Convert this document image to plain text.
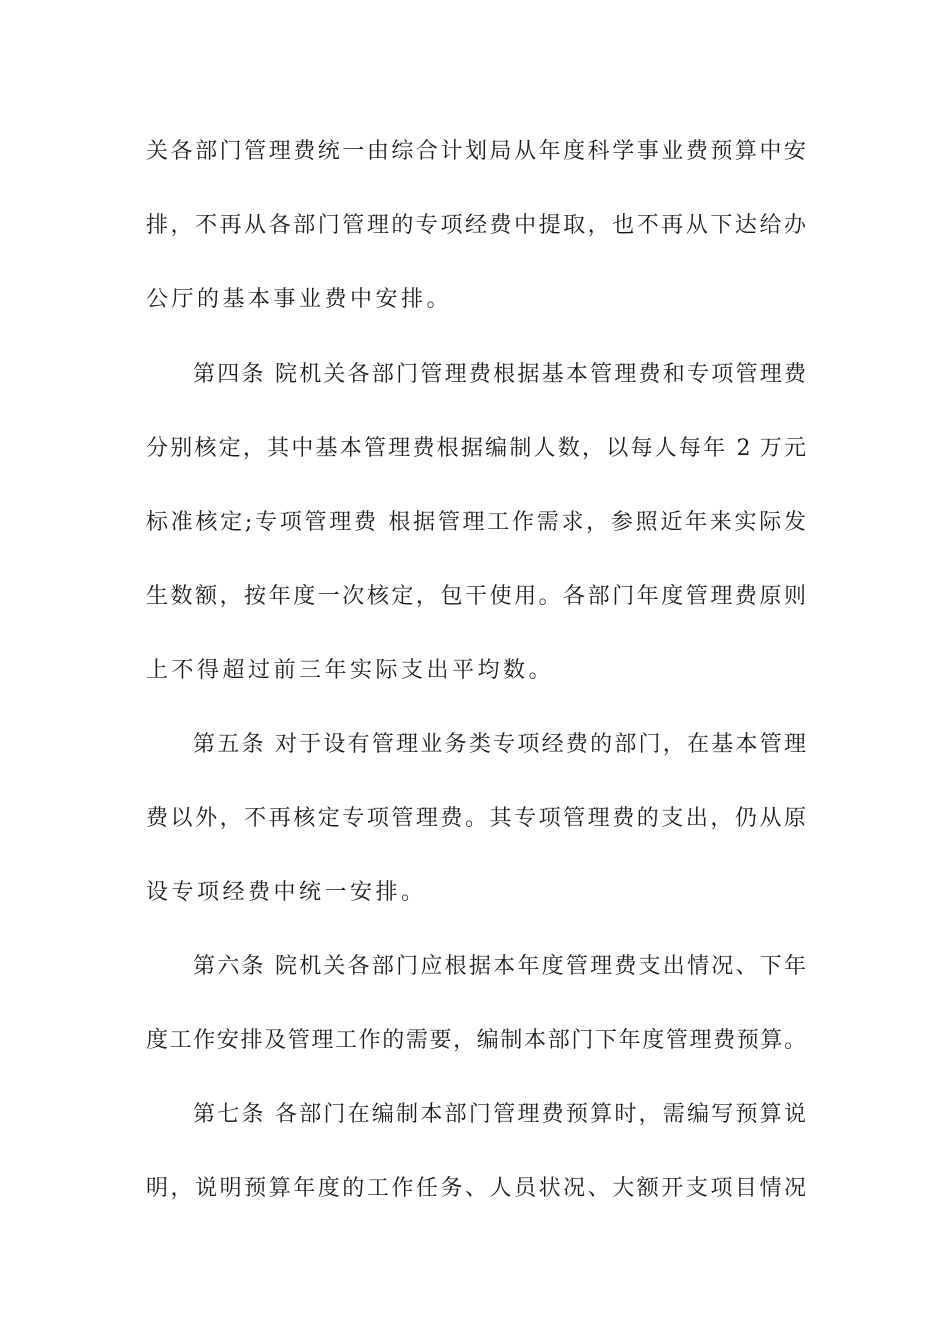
关各部门管理费统一由综合计划局从年度科学事业费预算中安
排，不再从各部门管理的专项经费中提取，也不再从下达给办
公厅的基本事业费中安排。
第四条 院机关各部门管理费根据基本管理费和专项管理费
分别核定，其中基本管理费根据编制人数，以每人每年 2 万元
标准核定;专项管理费 根据管理工作需求，参照近年来实际发
生数额，按年度一次核定，包干使用。各部门年度管理费原则
上不得超过前三年实际支出平均数。
第五条 对于设有管理业务类专项经费的部门，在基本管理
费以外，不再核定专项管理费。其专项管理费的支出，仍从原
设专项经费中统一安排。
第六条 院机关各部门应根据本年度管理费支出情况、下年
度工作安排及管理工作的需要，编制本部门下年度管理费预算。
第七条 各部门在编制本部门管理费预算时，需编写预算说
明，说明预算年度的工作任务、人员状况、大额开支项目情况
